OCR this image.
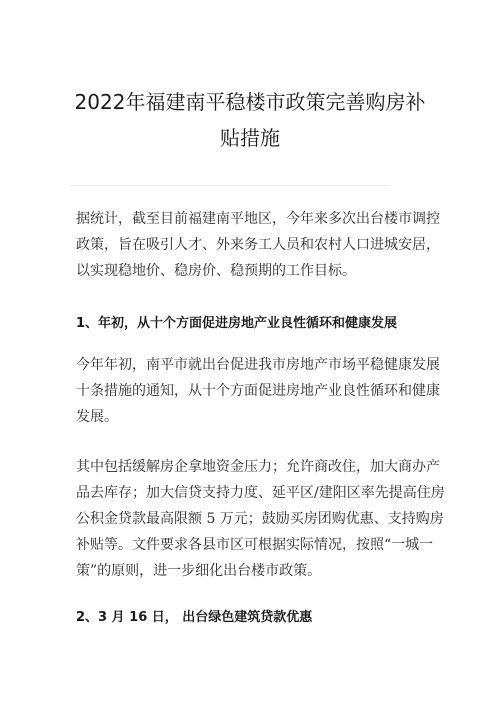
2022年福建南平稳楼市政策完善购房补
贴措施

据统计，截至目前福建南平地区，今年来多次出台楼市调控
政策，旨在吸引人才、外来务工人员和农村人口进城安居，
以实现稳地价、稳房价、稳预期的工作目标。

1、年初，从十个方面促进房地产业良性循环和健康发展

今年年初，南平市就出台促进我市房地产市场平稳健康发展
十条措施的通知，从十个方面促进房地产业良性循环和健康
发展。

其中包括缓解房企拿地资金压力；允许商改住，加大商办产
品去库存；加大信贷支持力度、延平区/建阳区率先提高住房
公积金贷款最高限额 5 万元；鼓励买房团购优惠、支持购房
补贴等。文件要求各县市区可根据实际情况，按照“一城一
策”的原则，进一步细化出台楼市政策。

2、3 月 16 日， 出台绿色建筑贷款优惠
